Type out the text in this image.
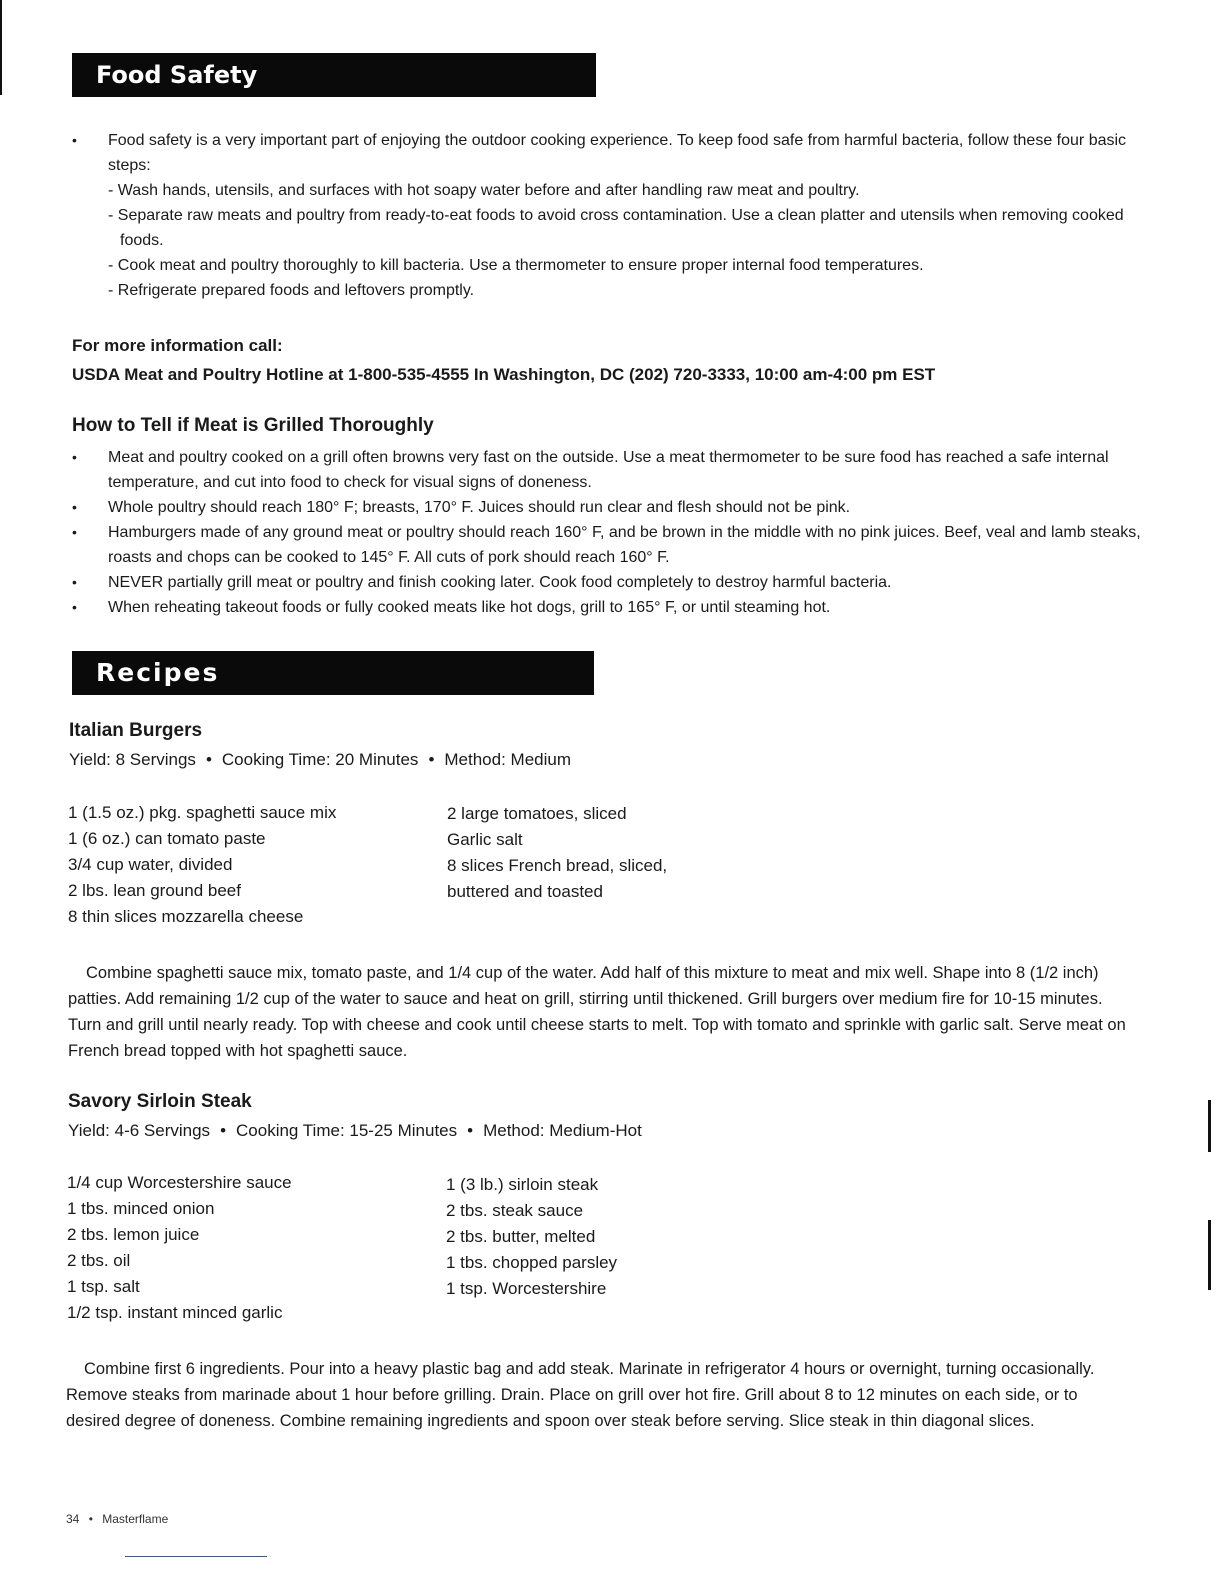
Food Safety
• Food safety is a very important part of enjoying the outdoor cooking experience. To keep food safe from harmful bacteria, follow these four basic steps:
- Wash hands, utensils, and surfaces with hot soapy water before and after handling raw meat and poultry.
- Separate raw meats and poultry from ready-to-eat foods to avoid cross contamination. Use a clean platter and utensils when removing cooked foods.
- Cook meat and poultry thoroughly to kill bacteria. Use a thermometer to ensure proper internal food temperatures.
- Refrigerate prepared foods and leftovers promptly.
For more information call:
USDA Meat and Poultry Hotline at 1-800-535-4555 In Washington, DC (202) 720-3333, 10:00 am-4:00 pm EST
How to Tell if Meat is Grilled Thoroughly
• Meat and poultry cooked on a grill often browns very fast on the outside. Use a meat thermometer to be sure food has reached a safe internal temperature, and cut into food to check for visual signs of doneness.
• Whole poultry should reach 180° F; breasts, 170° F. Juices should run clear and flesh should not be pink.
• Hamburgers made of any ground meat or poultry should reach 160° F, and be brown in the middle with no pink juices. Beef, veal and lamb steaks, roasts and chops can be cooked to 145° F. All cuts of pork should reach 160° F.
• NEVER partially grill meat or poultry and finish cooking later. Cook food completely to destroy harmful bacteria.
• When reheating takeout foods or fully cooked meats like hot dogs, grill to 165° F, or until steaming hot.
Recipes
Italian Burgers
Yield: 8 Servings • Cooking Time: 20 Minutes • Method: Medium
1 (1.5 oz.) pkg. spaghetti sauce mix
1 (6 oz.) can tomato paste
3/4 cup water, divided
2 lbs. lean ground beef
8 thin slices mozzarella cheese
2 large tomatoes, sliced
Garlic salt
8 slices French bread, sliced,
buttered and toasted

Combine spaghetti sauce mix, tomato paste, and 1/4 cup of the water. Add half of this mixture to meat and mix well. Shape into 8 (1/2 inch) patties. Add remaining 1/2 cup of the water to sauce and heat on grill, stirring until thickened. Grill burgers over medium fire for 10-15 minutes. Turn and grill until nearly ready. Top with cheese and cook until cheese starts to melt. Top with tomato and sprinkle with garlic salt. Serve meat on French bread topped with hot spaghetti sauce.

Savory Sirloin Steak
Yield: 4-6 Servings • Cooking Time: 15-25 Minutes • Method: Medium-Hot
1/4 cup Worcestershire sauce
1 tbs. minced onion
2 tbs. lemon juice
2 tbs. oil
1 tsp. salt
1/2 tsp. instant minced garlic
1 (3 lb.) sirloin steak
2 tbs. steak sauce
2 tbs. butter, melted
1 tbs. chopped parsley
1 tsp. Worcestershire

Combine first 6 ingredients. Pour into a heavy plastic bag and add steak. Marinate in refrigerator 4 hours or overnight, turning occasionally. Remove steaks from marinade about 1 hour before grilling. Drain. Place on grill over hot fire. Grill about 8 to 12 minutes on each side, or to desired degree of doneness. Combine remaining ingredients and spoon over steak before serving. Slice steak in thin diagonal slices.

34 • Masterflame
